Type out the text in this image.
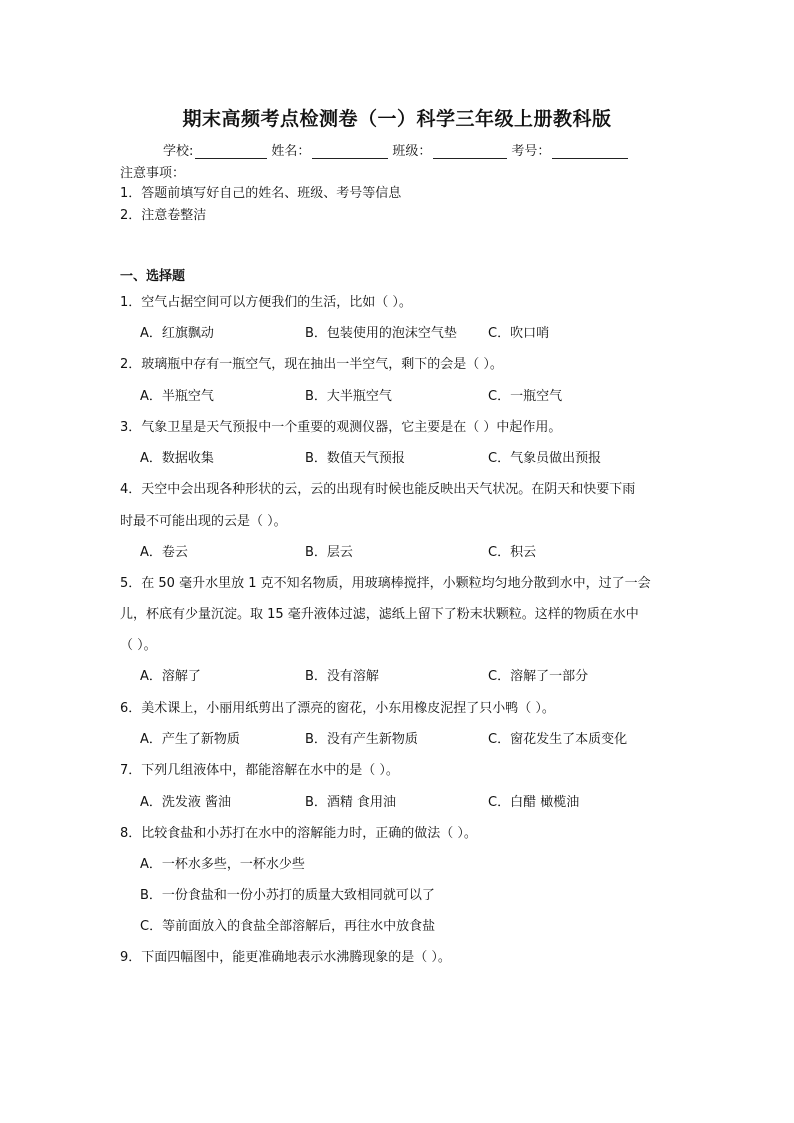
期末高频考点检测卷（一）科学三年级上册教科版
学校:	姓名：	班级：	考号：
注意事项：
1．答题前填写好自己的姓名、班级、考号等信息
2．注意卷整洁
一、选择题
1．空气占据空间可以方便我们的生活，比如（ ）。
A．红旗飘动	B．包装使用的泡沫空气垫 C．吹口哨
2．玻璃瓶中存有一瓶空气，现在抽出一半空气，剩下的会是（ ）。
A．半瓶空气	B．大半瓶空气	C．一瓶空气
3．气象卫星是天气预报中一个重要的观测仪器，它主要是在（ ）中起作用。
A．数据收集	B．数值天气预报	C．气象员做出预报
4．天空中会出现各种形状的云，云的出现有时候也能反映出天气状况。在阴天和快要下雨
时最不可能出现的云是（ ）。
A．卷云	B．层云	C．积云
5．在 50 毫升水里放 1 克不知名物质，用玻璃棒搅拌，小颗粒均匀地分散到水中，过了一会
儿，杯底有少量沉淀。取 15 毫升液体过滤，滤纸上留下了粉末状颗粒。这样的物质在水中
（ ）。
A．溶解了	B．没有溶解	C．溶解了一部分
6．美术课上，小丽用纸剪出了漂亮的窗花，小东用橡皮泥捏了只小鸭（ ）。
A．产生了新物质	B．没有产生新物质	C．窗花发生了本质变化
7．下列几组液体中，都能溶解在水中的是（ ）。
A．洗发液 酱油	B．酒精 食用油	C．白醋 橄榄油
8．比较食盐和小苏打在水中的溶解能力时，正确的做法（ ）。
A．一杯水多些，一杯水少些
B．一份食盐和一份小苏打的质量大致相同就可以了
C．等前面放入的食盐全部溶解后，再往水中放食盐
9．下面四幅图中，能更准确地表示水沸腾现象的是（ ）。
